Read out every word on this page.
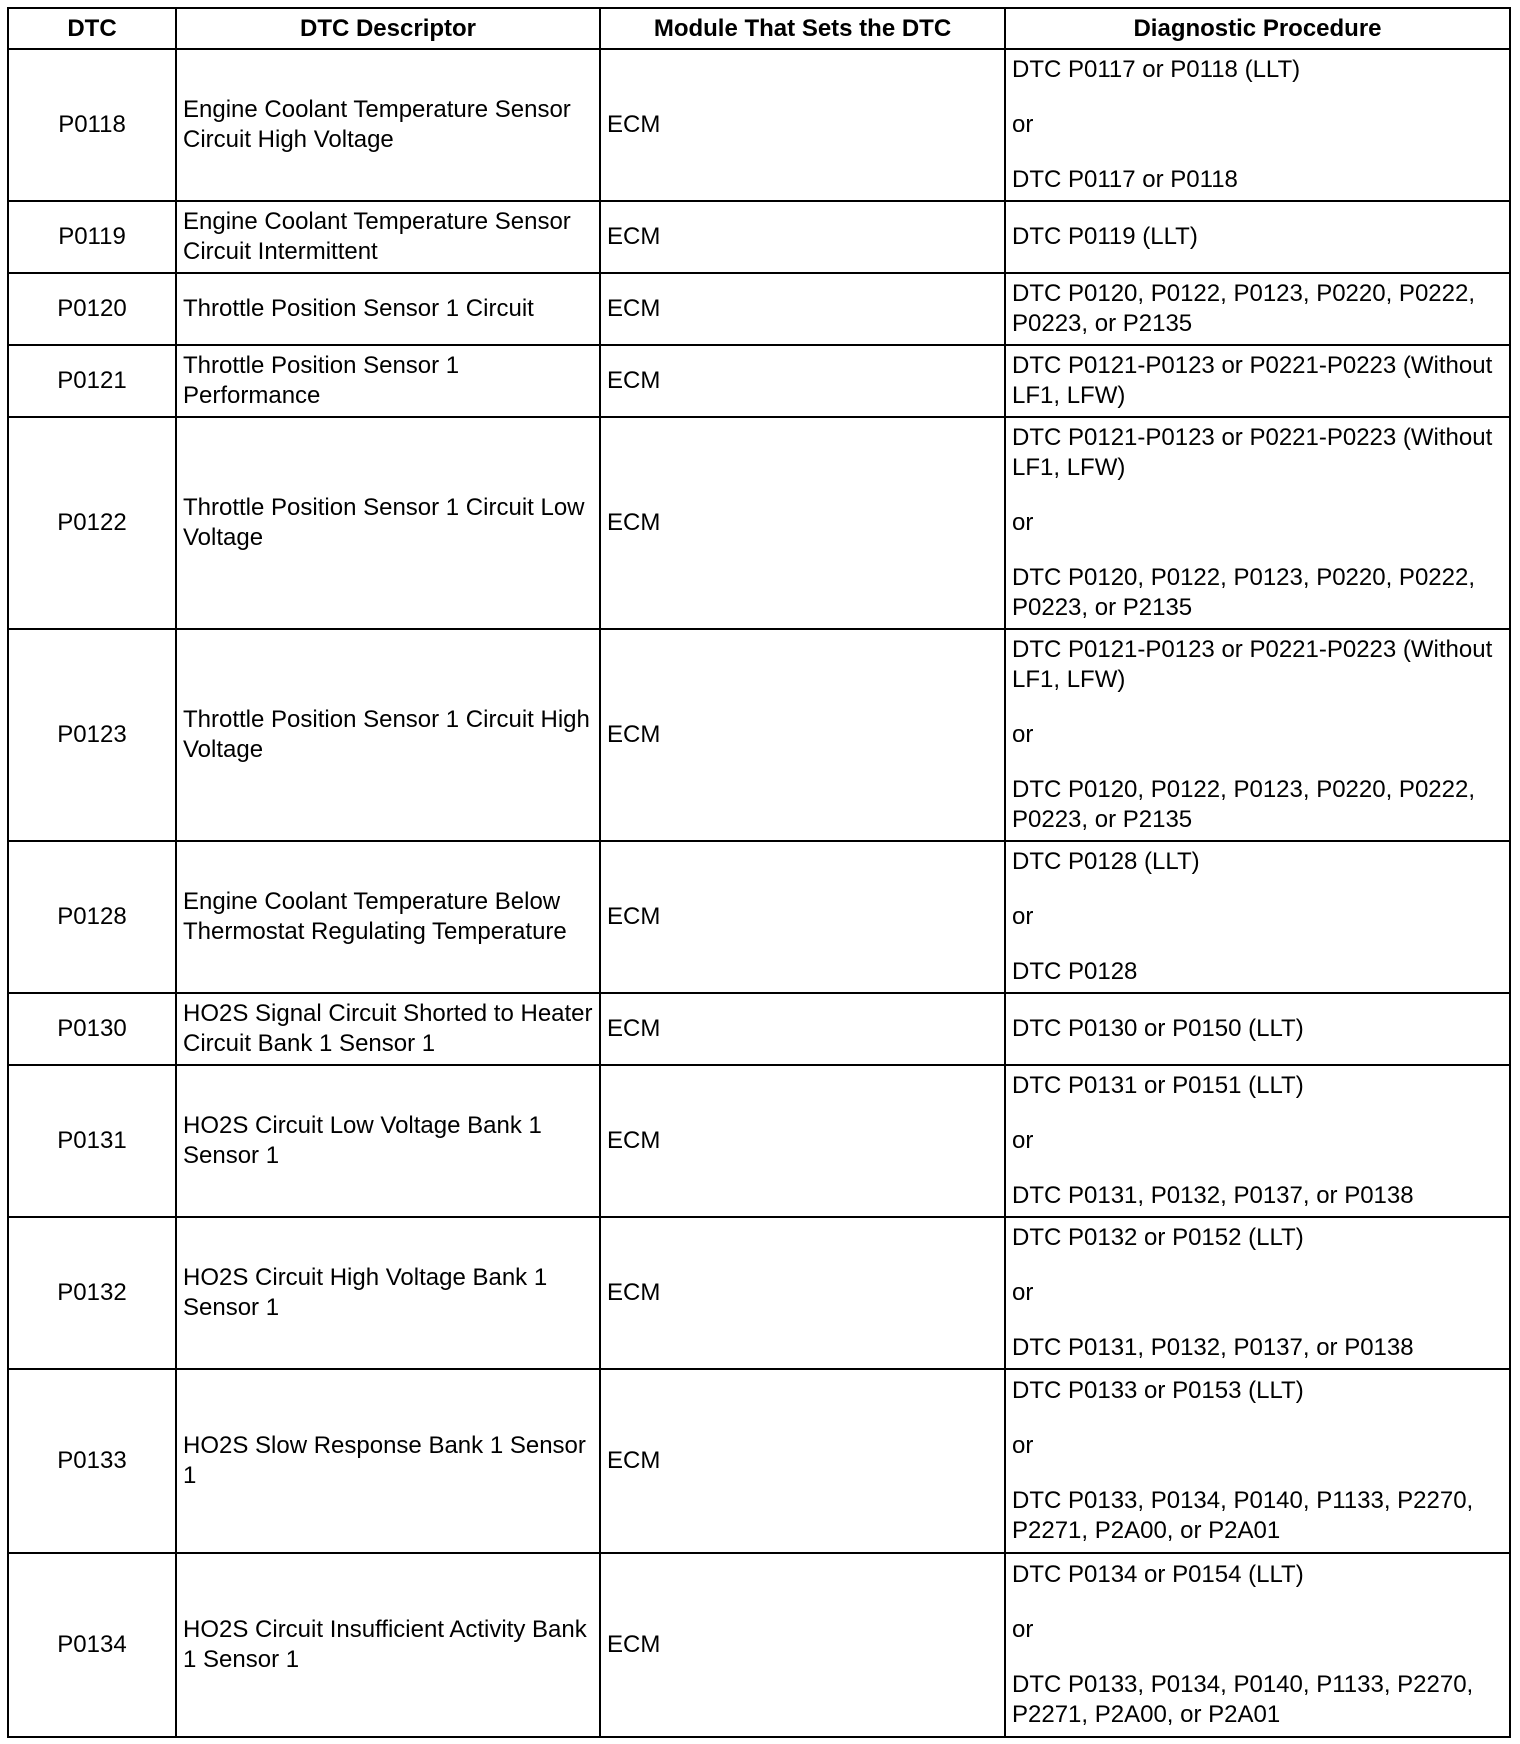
DTC	DTC Descriptor	Module That Sets the DTC	Diagnostic Procedure
P0118	Engine Coolant Temperature Sensor Circuit High Voltage	ECM	DTC P0117 or P0118 (LLT)
or
DTC P0117 or P0118

P0119	Engine Coolant Temperature Sensor Circuit Intermittent	ECM	DTC P0119 (LLT)

P0120	Throttle Position Sensor 1 Circuit	ECM	DTC P0120, P0122, P0123, P0220, P0222, P0223, or P2135

P0121	Throttle Position Sensor 1 Performance	ECM	DTC P0121-P0123 or P0221-P0223 (Without LF1, LFW)

P0122	Throttle Position Sensor 1 Circuit Low Voltage	ECM	DTC P0121-P0123 or P0221-P0223 (Without LF1, LFW)
or
DTC P0120, P0122, P0123, P0220, P0222, P0223, or P2135

P0123	Throttle Position Sensor 1 Circuit High Voltage	ECM	DTC P0121-P0123 or P0221-P0223 (Without LF1, LFW)
or
DTC P0120, P0122, P0123, P0220, P0222, P0223, or P2135

P0128	Engine Coolant Temperature Below Thermostat Regulating Temperature	ECM	DTC P0128 (LLT)
or
DTC P0128

P0130	HO2S Signal Circuit Shorted to Heater Circuit Bank 1 Sensor 1	ECM	DTC P0130 or P0150 (LLT)

P0131	HO2S Circuit Low Voltage Bank 1 Sensor 1	ECM	DTC P0131 or P0151 (LLT)
or
DTC P0131, P0132, P0137, or P0138

P0132	HO2S Circuit High Voltage Bank 1 Sensor 1	ECM	DTC P0132 or P0152 (LLT)
or
DTC P0131, P0132, P0137, or P0138

P0133	HO2S Slow Response Bank 1 Sensor 1	ECM	DTC P0133 or P0153 (LLT)
or
DTC P0133, P0134, P0140, P1133, P2270, P2271, P2A00, or P2A01

P0134	HO2S Circuit Insufficient Activity Bank 1 Sensor 1	ECM	DTC P0134 or P0154 (LLT)
or
DTC P0133, P0134, P0140, P1133, P2270, P2271, P2A00, or P2A01
